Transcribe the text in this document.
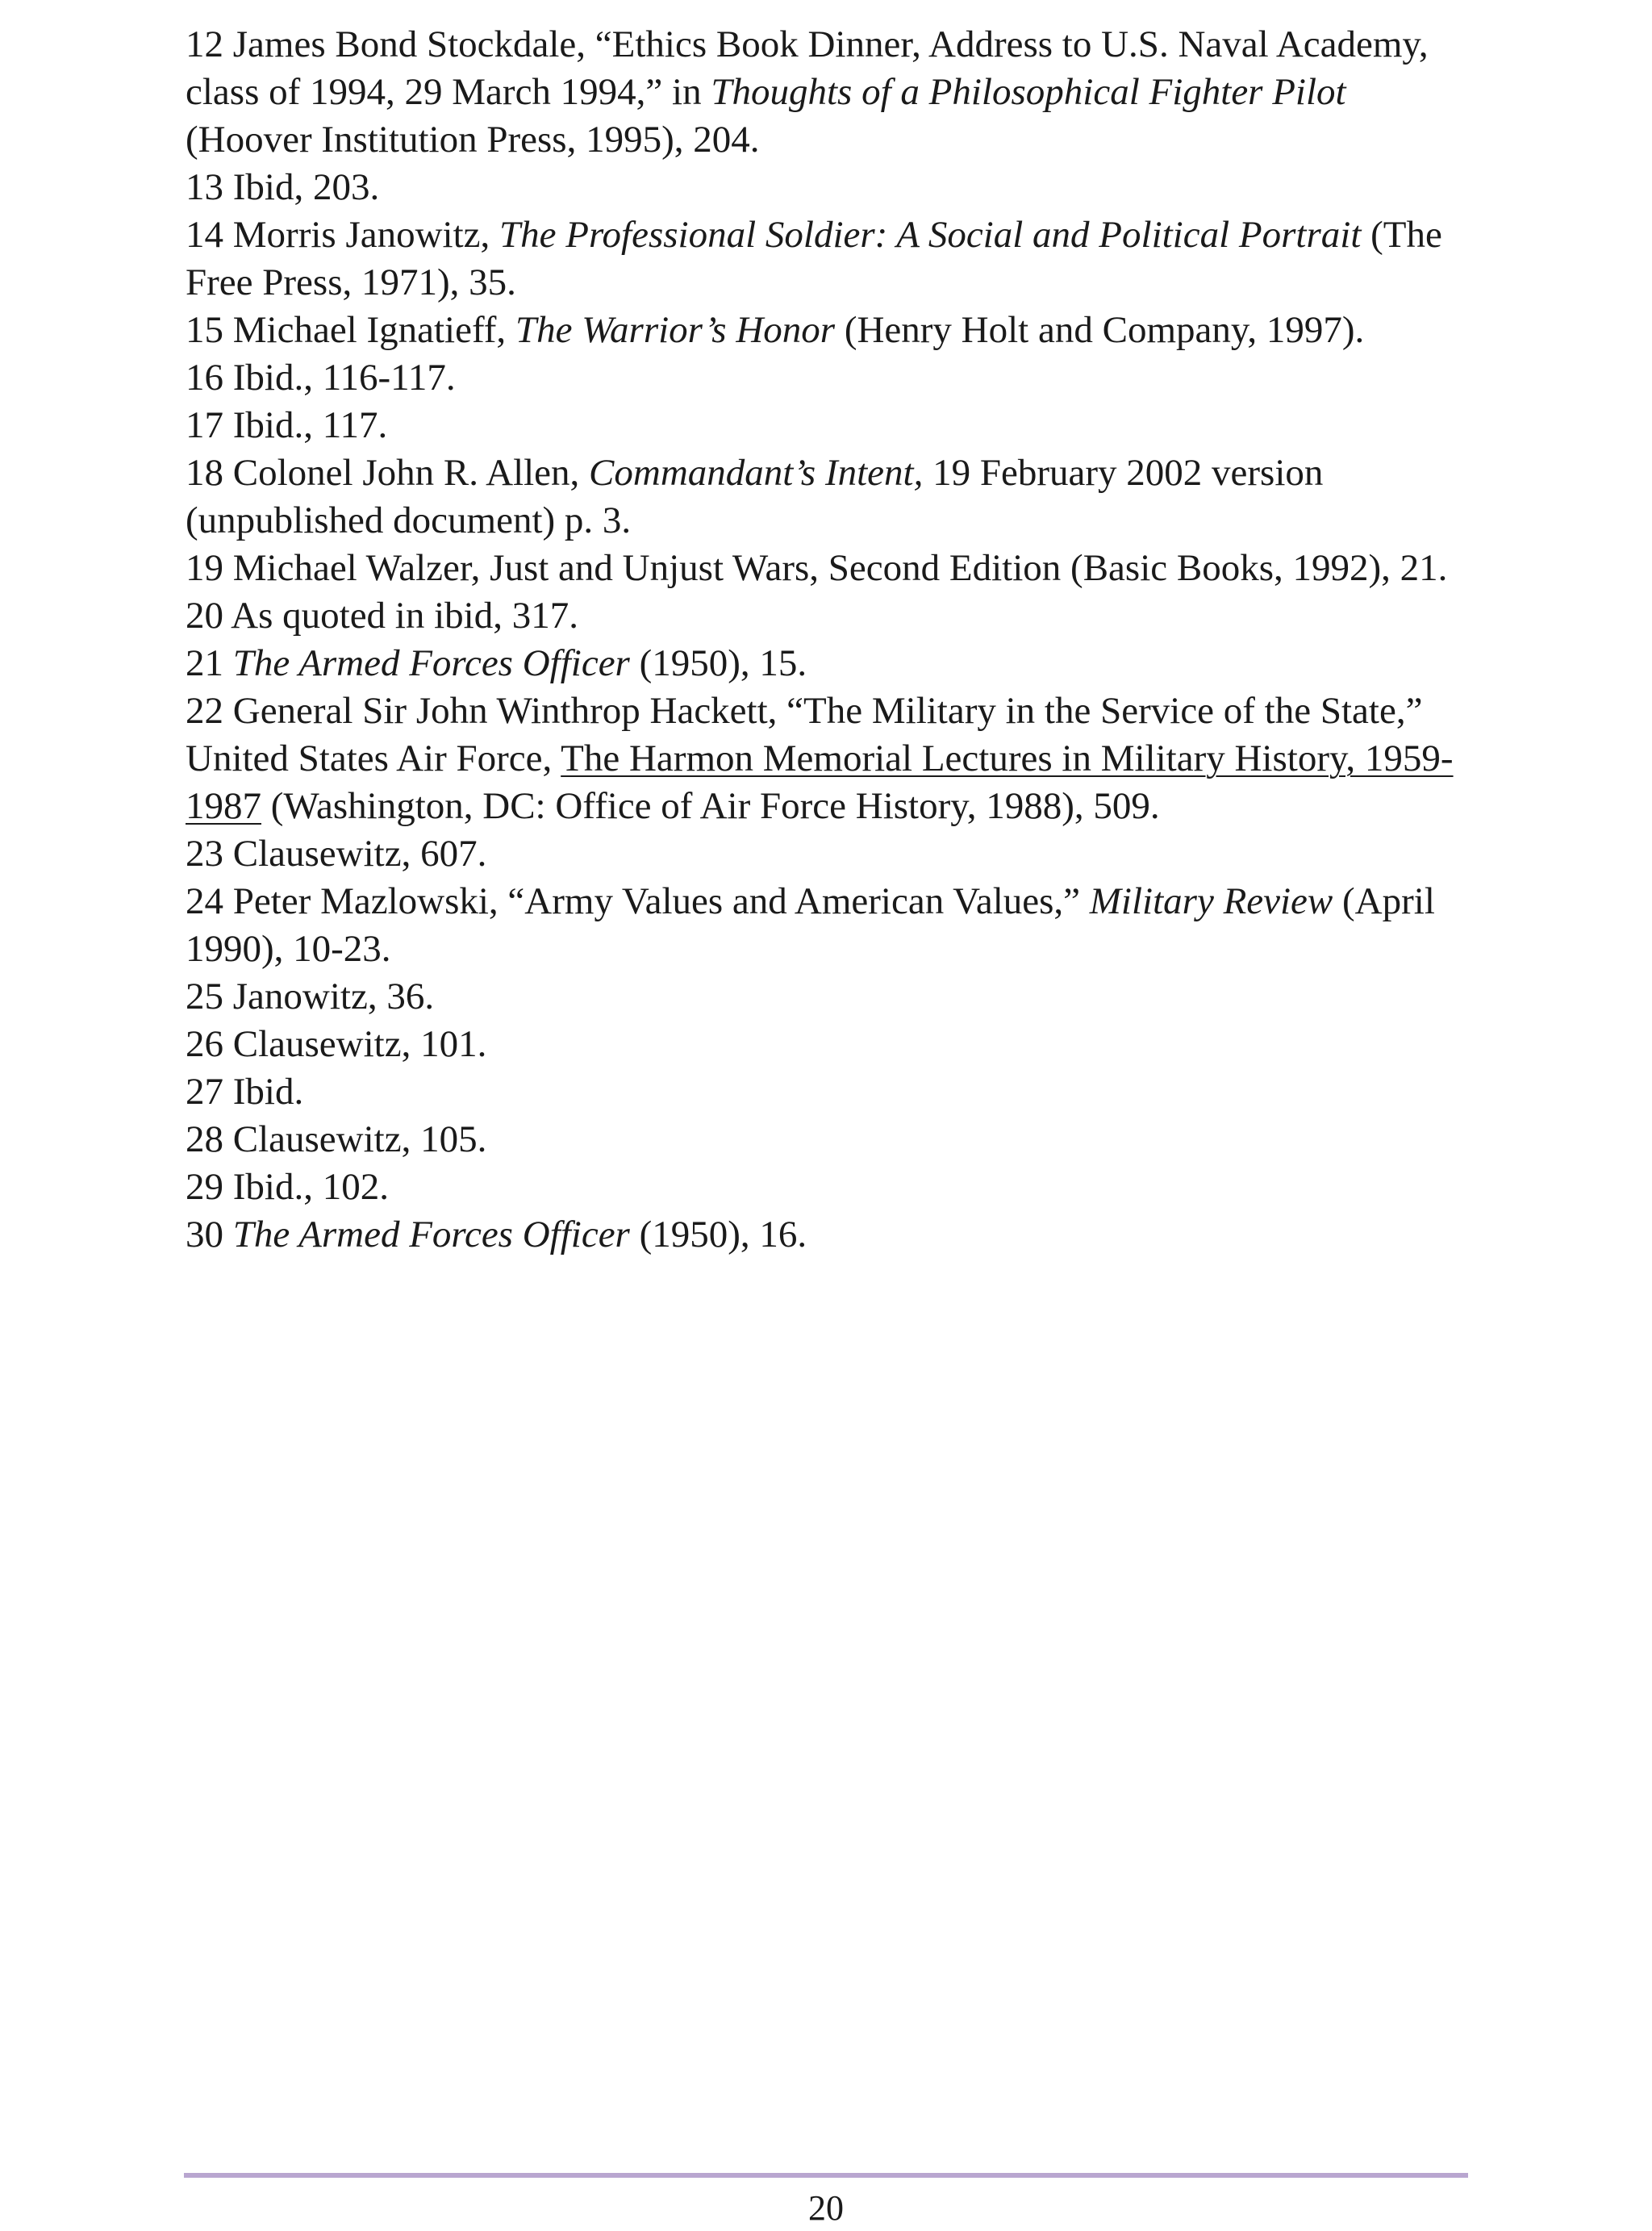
12 James Bond Stockdale, “Ethics Book Dinner, Address to U.S. Naval Academy, class of 1994, 29 March 1994,” in Thoughts of a Philosophical Fighter Pilot (Hoover Institution Press, 1995), 204.

13 Ibid, 203.

14 Morris Janowitz, The Professional Soldier: A Social and Political Portrait (The Free Press, 1971), 35.

15 Michael Ignatieff, The Warrior’s Honor (Henry Holt and Company, 1997).

16 Ibid., 116-117.

17 Ibid., 117.

18 Colonel John R. Allen, Commandant’s Intent, 19 February 2002 version (unpublished document) p. 3.

19 Michael Walzer, Just and Unjust Wars, Second Edition (Basic Books, 1992), 21.

20 As quoted in ibid, 317.

21 The Armed Forces Officer (1950), 15.

22 General Sir John Winthrop Hackett, “The Military in the Service of the State,” United States Air Force, The Harmon Memorial Lectures in Military History, 1959-1987 (Washington, DC: Office of Air Force History, 1988), 509.

23 Clausewitz, 607.

24 Peter Mazlowski, “Army Values and American Values,” Military Review (April 1990), 10-23.

25 Janowitz, 36.

26 Clausewitz, 101.

27 Ibid.

28 Clausewitz, 105.

29 Ibid., 102.

30 The Armed Forces Officer (1950), 16.

20
